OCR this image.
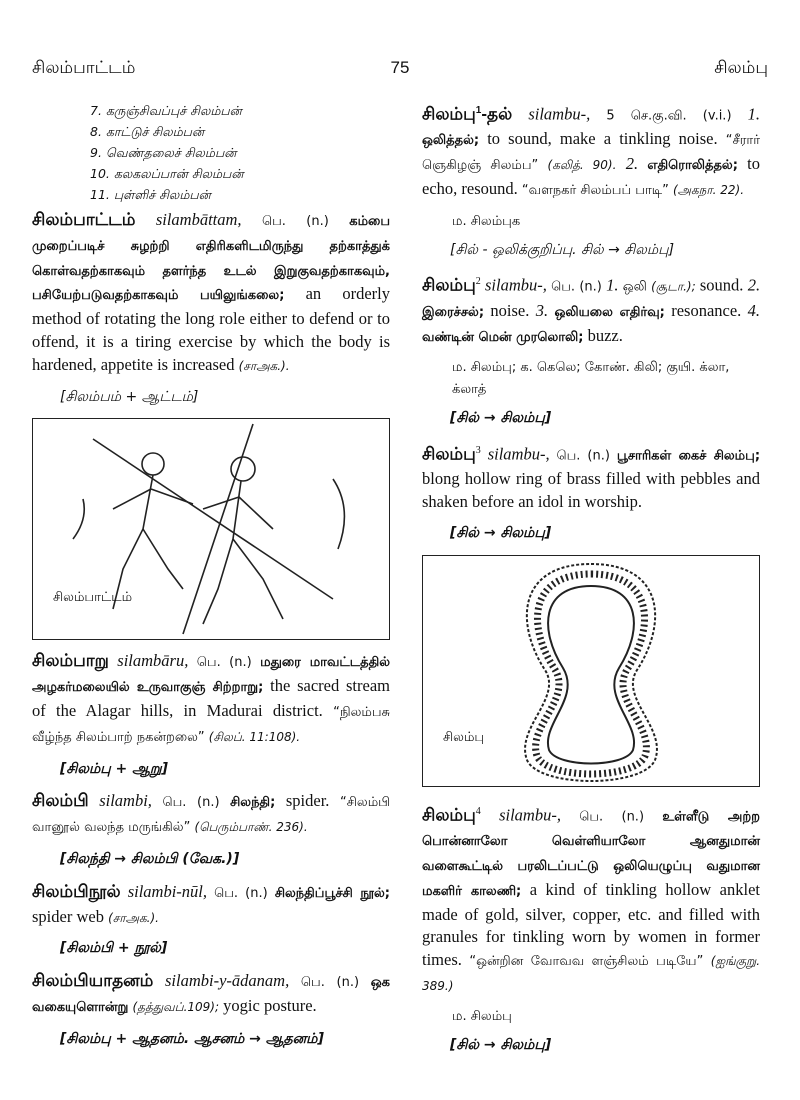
சிலம்பாட்டம்	75	சிலம்பு
7. கருஞ்சிவப்புச் சிலம்பன்
8. காட்டுச் சிலம்பன்
9. வெண்தலைச் சிலம்பன்
10. கலகலப்பான் சிலம்பன்
11. புள்ளிச் சிலம்பன்
சிலம்பாட்டம் silambāttam, பெ. (n.) கம்பை முறைப்படிச் சுழற்றி எதிரிகளிடமிருந்து தற்காத்துக் கொள்வதற்காகவும் தளர்ந்த உடல் இறுகுவதற்காகவும், பசியேற்படுவதற்காகவும் பயிலுங்கலை; an orderly method of rotating the long role either to defend or to offend, it is a tiring exercise by which the body is hardened, appetite is increased (சாஅக.).
[சிலம்பம் + ஆட்டம்]
சிலம்பாட்டம்
சிலம்பாறு silambāru, பெ. (n.) மதுரை மாவட்டத்தில் அழகர்மலையில் உருவாகுஞ் சிற்றாறு; the sacred stream of the Alagar hills, in Madurai district. “நிலம்பசு வீழ்ந்த சிலம்பாற் நகன்றலை” (சிலப். 11:108).
[சிலம்பு + ஆறு]
சிலம்பி silambi, பெ. (n.) சிலந்தி; spider. “சிலம்பி வானூல் வலந்த மருங்கில்” (பெரும்பாண். 236).
[சிலந்தி → சிலம்பி (வேக.)]
சிலம்பிநூல் silambi-nūl, பெ. (n.) சிலந்திப்பூச்சி நூல்; spider web (சாஅக.).
[சிலம்பி + நூல்]
சிலம்பியாதனம் silambi-y-ādanam, பெ. (n.) ஒக வகையுளொன்று (தத்துவப்.109); yogic posture.
[சிலம்பு + ஆதனம். ஆசனம் → ஆதனம்]
சிலம்பு$^1$-தல் silambu-, 5 செ.கு.வி. (v.i.) 1. ஒலித்தல்; to sound, make a tinkling noise. “சீரார் ஞெகிழஞ் சிலம்ப” (கலித். 90). 2. எதிரொலித்தல்; to echo, resound. “வளநகர் சிலம்பப் பாடி” (அகநா. 22).
ம. சிலம்புக
[சில் - ஒலிக்குறிப்பு. சில் → சிலம்பு]
சிலம்பு$^2$ silambu-, பெ. (n.) 1. ஒலி (சூடா.); sound. 2. இரைச்சல்; noise. 3. ஒலியலை எதிர்வு; resonance. 4. வண்டின் மென் முரலொலி; buzz.
ம. சிலம்பு; க. கெலெ; கோண். கிலி; குயி. க்லா, க்லாத்
[சில் → சிலம்பு]
சிலம்பு$^3$ silambu-, பெ. (n.) பூசாரிகள் கைச் சிலம்பு; blong hollow ring of brass filled with pebbles and shaken before an idol in worship.
[சில் → சிலம்பு]
சிலம்பு
சிலம்பு$^4$ silambu-, பெ. (n.) உள்ளீடு அற்ற பொன்னாலோ வெள்ளியாலோ ஆனதுமான் வளைகூட்டில் பரலிடப்பட்டு ஒலியெழுப்பு வதுமான மகளிர் காலணி; a kind of tinkling hollow anklet made of gold, silver, copper, etc. and filled with granules for tinkling worn by women in former times. “ஒன்றின வோவவ ளஞ்சிலம் படியே” (ஐங்குறு. 389.)
ம. சிலம்பு
[சில் → சிலம்பு]
